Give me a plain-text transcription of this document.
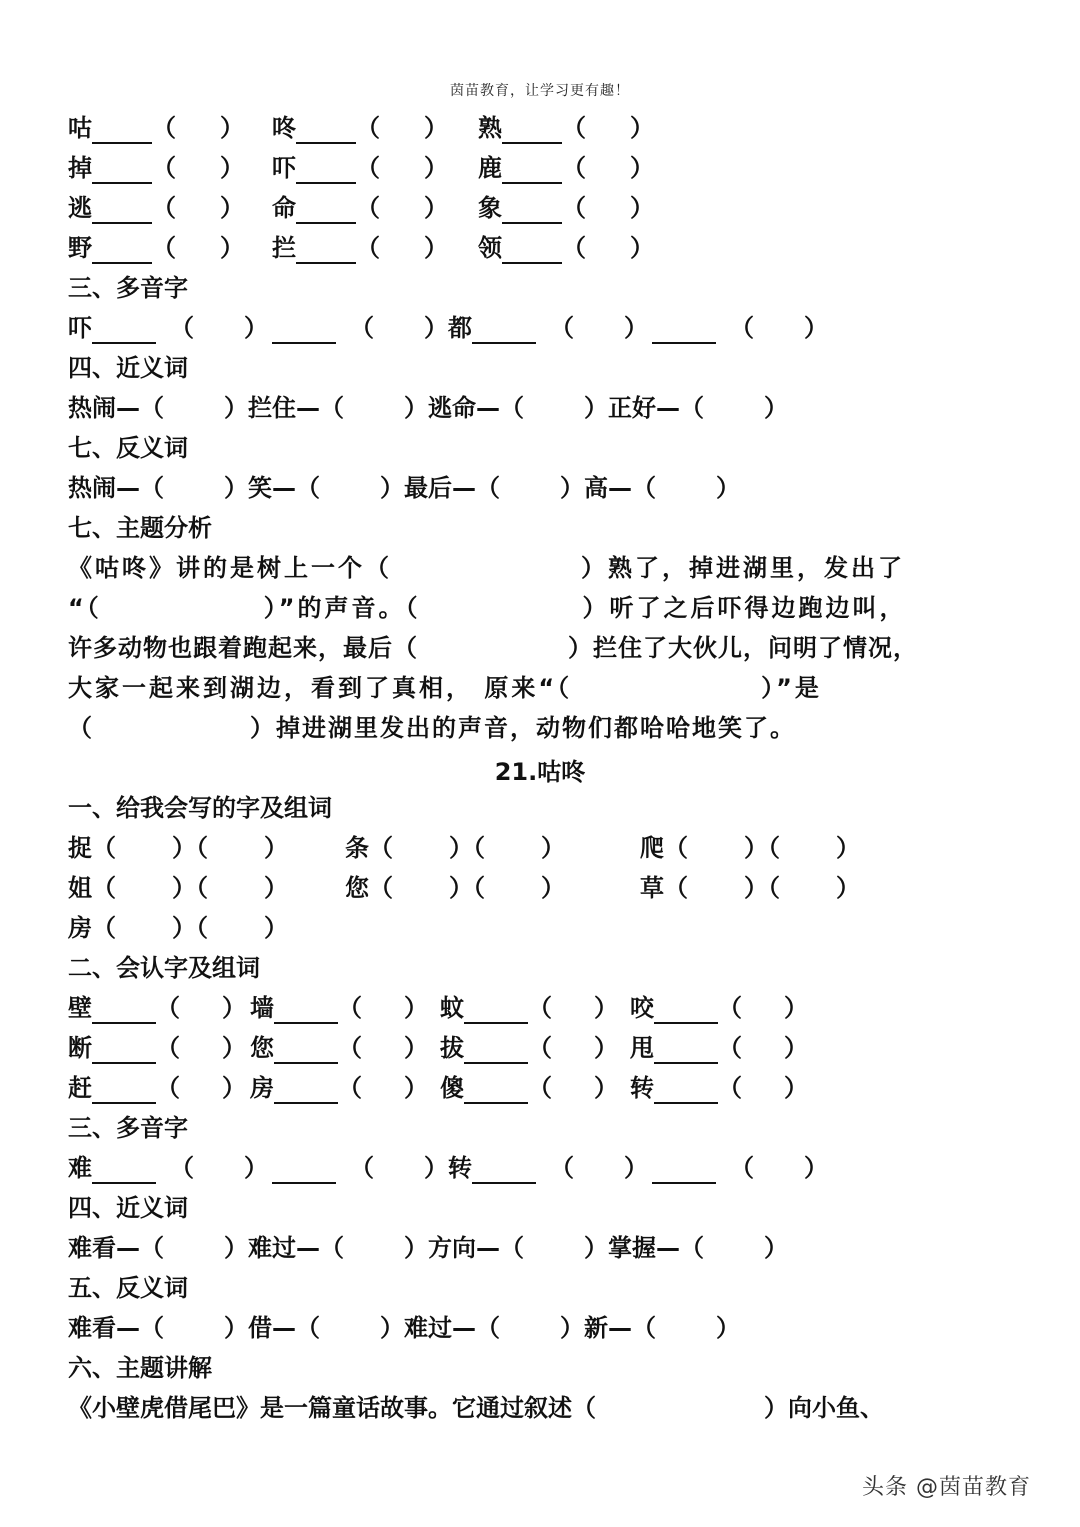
茵苗教育，让学习更有趣！
咕	（ ） 咚	（ ） 熟	（ ）
掉	（ ） 吓	（ ） 鹿	（ ）
逃	（ ） 命	（ ） 象	（ ）
野	（ ） 拦	（ ） 领	（ ）
三、多音字
吓	（ ）	（ ）都	（ ）	（ ）
四、近义词
热闹—（	）拦住—（	）逃命—（	）正好—（	）
七、反义词
热闹—（	）笑—（	）最后—（	）高—（	）
七、主题分析
《咕咚》讲的是树上一个（　　　　　　　）熟了，掉进湖里，发出了
“（　　　　　　）”的声音。（　　　　　　）听了之后吓得边跑边叫，
许多动物也跟着跑起来，最后（　　　　　　）拦住了大伙儿，问明了情况，
大家一起来到湖边，看到了真相， 原来“（　　　　　　　）”是
（　　　　　　）掉进湖里发出的声音，动物们都哈哈地笑了。
21.咕咚
一、给我会写的字及组词
捉（ ）（ ） 条（ ）（ ）	爬（ ）（ ）
姐（ ）（ ） 您（ ）（ ）	草（ ）（ ）
房（ ）（ ）
二、会认字及组词
壁	（ ） 墙	（ ） 蚊	（ ） 咬	（ ）
断	（ ） 您	（ ） 拔	（ ） 甩	（ ）
赶	（ ） 房	（ ） 傻	（ ） 转	（ ）
三、多音字
难	（ ）	（ ）转	（ ）	（ ）
四、近义词
难看—（	）难过—（	）方向—（	）掌握—（	）
五、反义词
难看—（	）借—（	）难过—（	）新—（	）
六、主题讲解
《小壁虎借尾巴》是一篇童话故事。它通过叙述（　　　　　　　）向小鱼、
头条 @茵苗教育
